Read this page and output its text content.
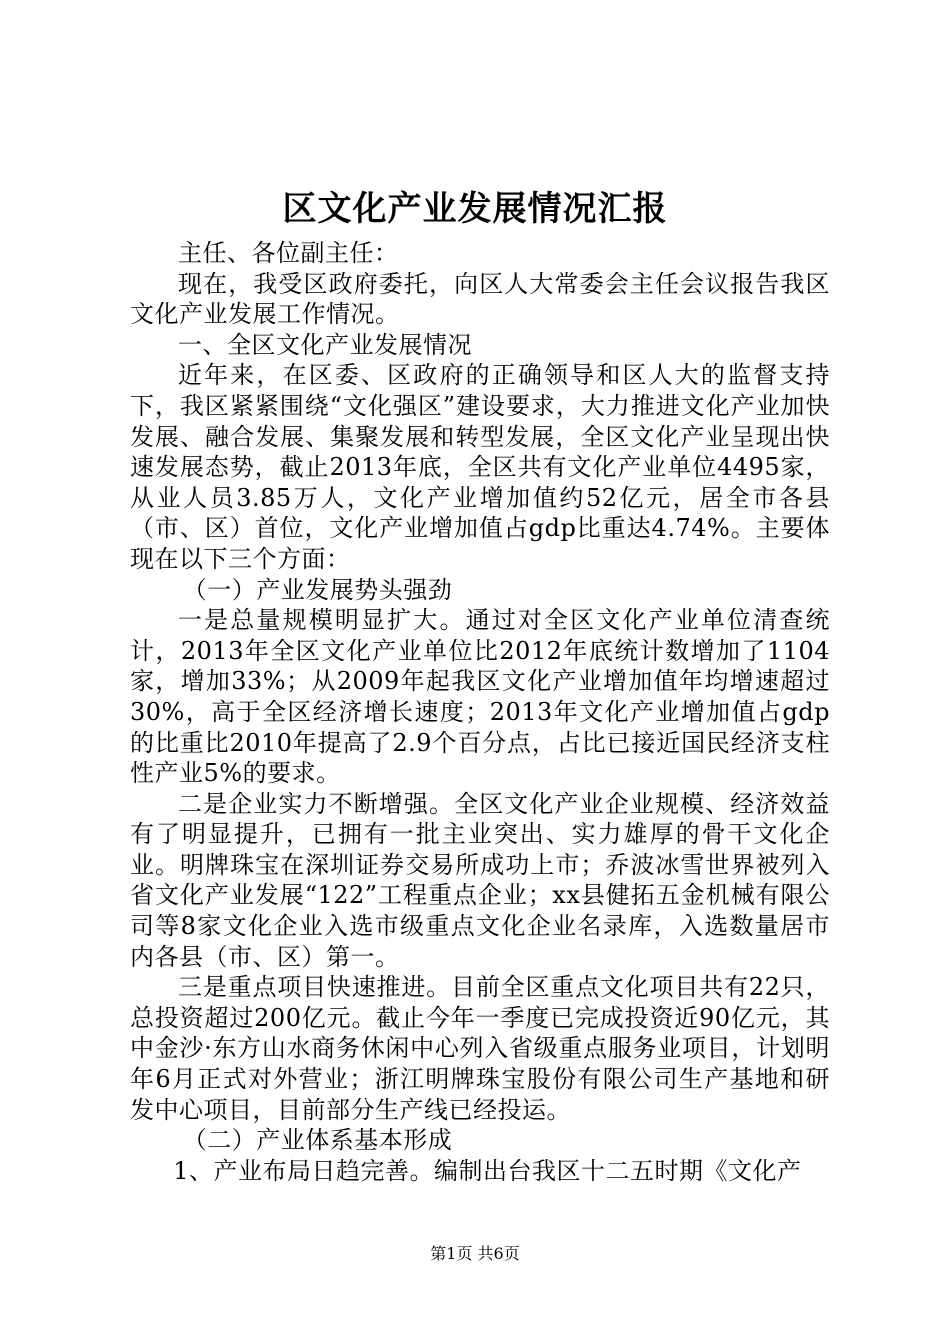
区文化产业发展情况汇报

主任、各位副主任：

现在，我受区政府委托，向区人大常委会主任会议报告我区文化产业发展工作情况。

一、全区文化产业发展情况

近年来，在区委、区政府的正确领导和区人大的监督支持下，我区紧紧围绕“文化强区”建设要求，大力推进文化产业加快发展、融合发展、集聚发展和转型发展，全区文化产业呈现出快速发展态势，截止2013年底，全区共有文化产业单位4495家，从业人员3.85万人，文化产业增加值约52亿元，居全市各县（市、区）首位，文化产业增加值占gdp比重达4.74%。主要体现在以下三个方面：

（一）产业发展势头强劲

一是总量规模明显扩大。通过对全区文化产业单位清查统计，2013年全区文化产业单位比2012年底统计数增加了1104家，增加33%；从2009年起我区文化产业增加值年均增速超过30%，高于全区经济增长速度；2013年文化产业增加值占gdp的比重比2010年提高了2.9个百分点，占比已接近国民经济支柱性产业5%的要求。

二是企业实力不断增强。全区文化产业企业规模、经济效益有了明显提升，已拥有一批主业突出、实力雄厚的骨干文化企业。明牌珠宝在深圳证券交易所成功上市；乔波冰雪世界被列入省文化产业发展“122”工程重点企业；xx县健拓五金机械有限公司等8家文化企业入选市级重点文化企业名录库，入选数量居市内各县（市、区）第一。

三是重点项目快速推进。目前全区重点文化项目共有22只，总投资超过200亿元。截止今年一季度已完成投资近90亿元，其中金沙·东方山水商务休闲中心列入省级重点服务业项目，计划明年6月正式对外营业；浙江明牌珠宝股份有限公司生产基地和研发中心项目，目前部分生产线已经投运。

（二）产业体系基本形成

1、产业布局日趋完善。编制出台我区十二五时期《文化产

第1页 共6页
